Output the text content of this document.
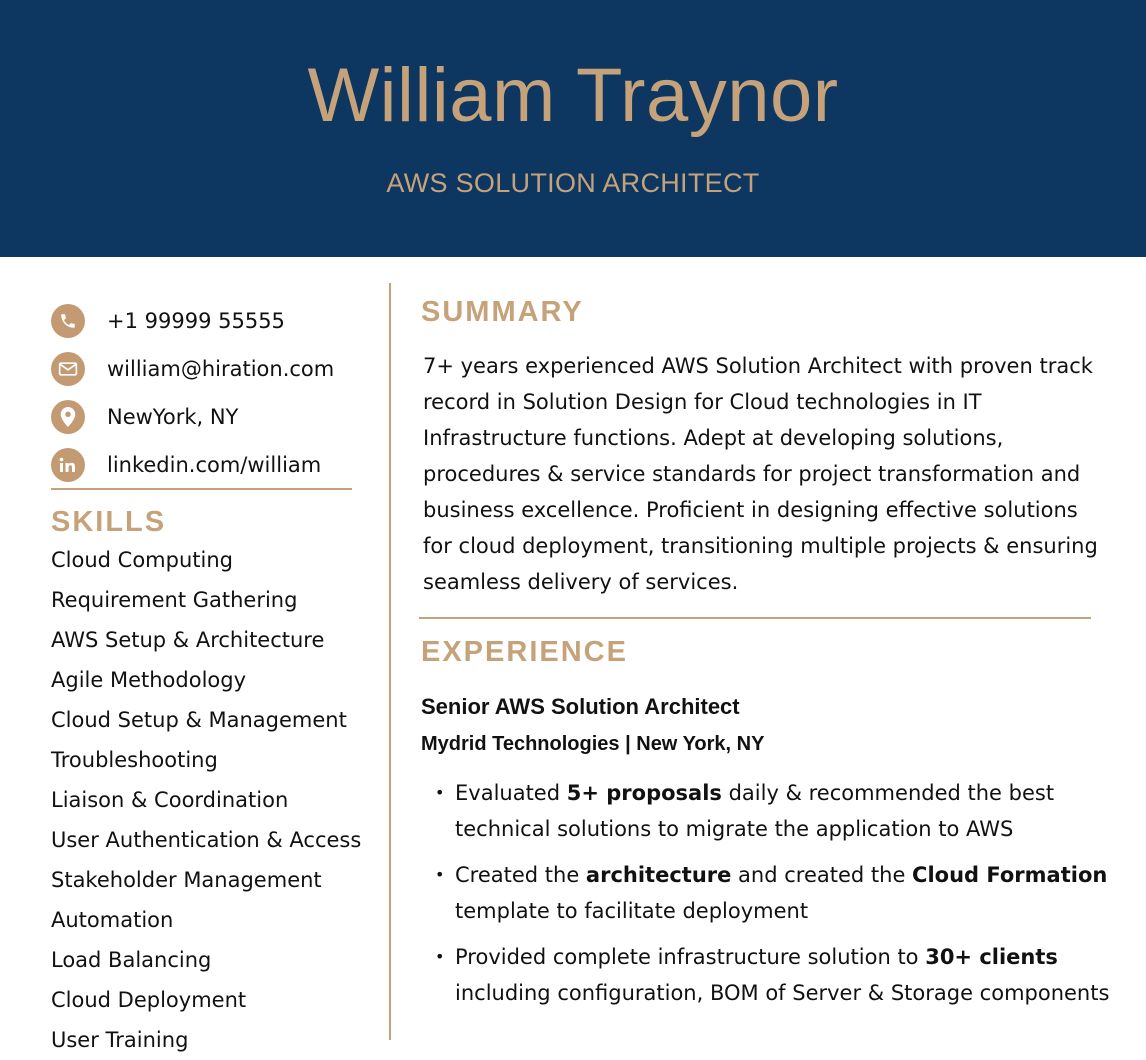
William Traynor
AWS SOLUTION ARCHITECT
+1 99999 55555
william@hiration.com
NewYork, NY
linkedin.com/william
SKILLS
Cloud Computing
Requirement Gathering
AWS Setup & Architecture
Agile Methodology
Cloud Setup & Management
Troubleshooting
Liaison & Coordination
User Authentication & Access
Stakeholder Management
Automation
Load Balancing
Cloud Deployment
User Training
SUMMARY
7+ years experienced AWS Solution Architect with proven track record in Solution Design for Cloud technologies in IT Infrastructure functions. Adept at developing solutions, procedures & service standards for project transformation and business excellence. Proficient in designing effective solutions for cloud deployment, transitioning multiple projects & ensuring seamless delivery of services.
EXPERIENCE
Senior AWS Solution Architect
Mydrid Technologies | New York, NY
• Evaluated 5+ proposals daily & recommended the best technical solutions to migrate the application to AWS
• Created the architecture and created the Cloud Formation template to facilitate deployment
• Provided complete infrastructure solution to 30+ clients including configuration, BOM of Server & Storage components
